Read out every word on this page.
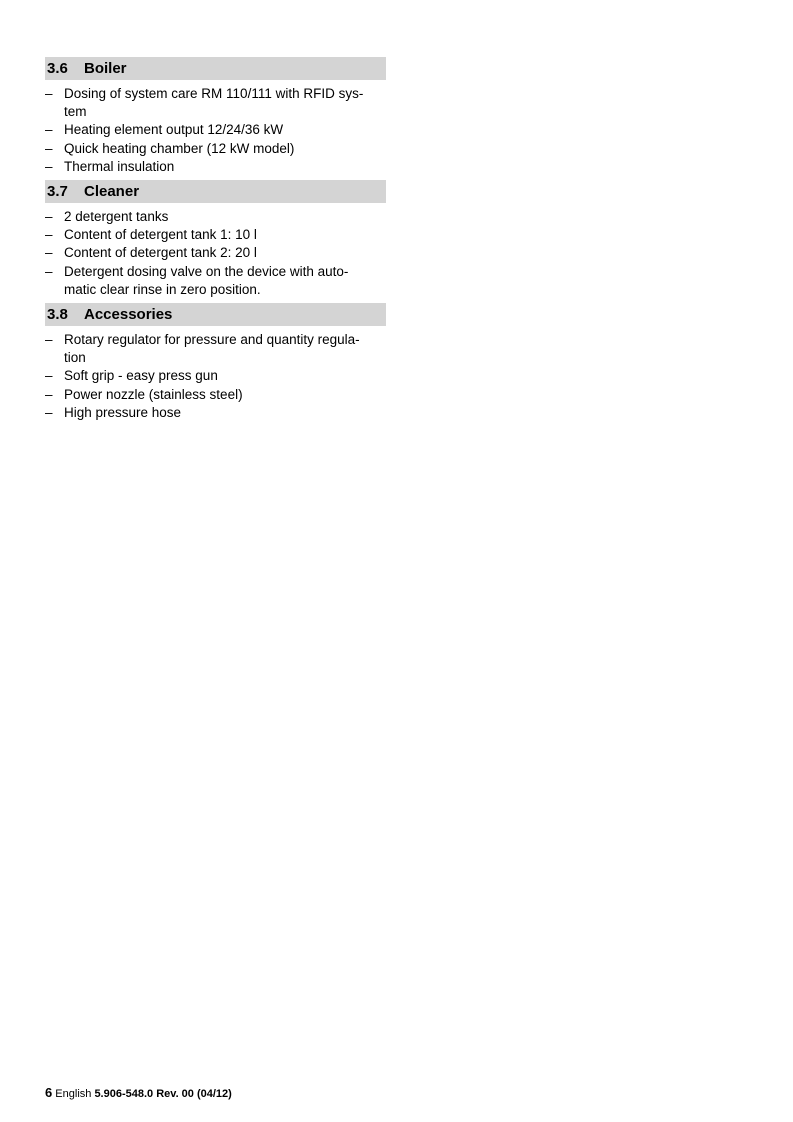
3.6	Boiler
– Dosing of system care RM 110/111 with RFID sys-
tem
– Heating element output 12/24/36 kW
– Quick heating chamber (12 kW model)
– Thermal insulation
3.7	Cleaner
– 2 detergent tanks
– Content of detergent tank 1: 10 l
– Content of detergent tank 2: 20 l
– Detergent dosing valve on the device with auto-
matic clear rinse in zero position.
3.8	Accessories
– Rotary regulator for pressure and quantity regula-
tion
– Soft grip - easy press gun
– Power nozzle (stainless steel)
– High pressure hose
6 English 5.906-548.0 Rev. 00 (04/12)
